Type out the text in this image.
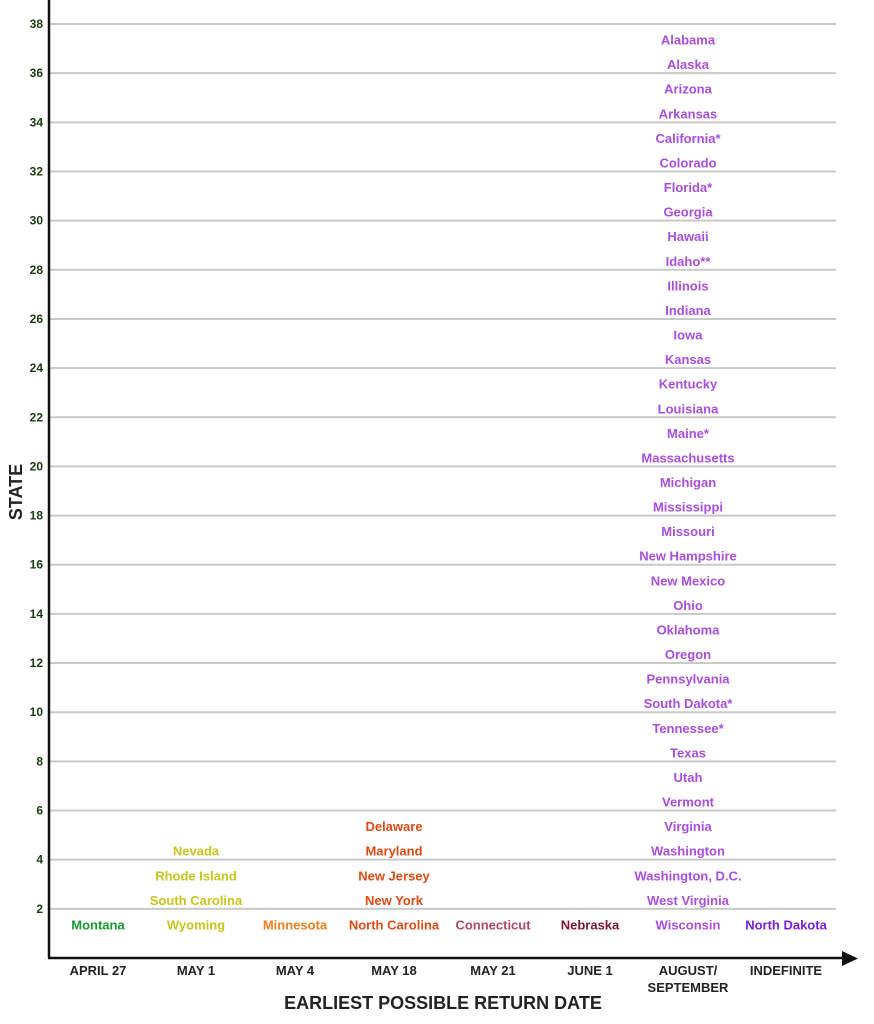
2
4
6
8
10
12
14
16
18
20
22
24
26
28
30
32
34
36
38
Montana	Wyoming
South Carolina
Rhode Island
Nevada
Minnesota North Carolina
New York
New Jersey
Maryland
Delaware
Connecticut Nebraska	Wisconsin
West Virginia
Washington, D.C.
Washington
Virginia
Vermont
Utah
Texas
Tennessee*
South Dakota*
Pennsylvania
Oregon
Oklahoma
Ohio
New Mexico
New Hampshire
Missouri
Mississippi
Michigan
Massachusetts
Maine*
Louisiana
Kentucky
Kansas
Iowa
Indiana
Illinois
Idaho**
Hawaii
Georgia
Florida*
Colorado
California*
Arkansas
Arizona
Alaska
Alabama
North Dakota
APRIL 27	MAY 1	MAY 4	MAY 18	MAY 21	JUNE 1	AUGUST/
SEPTEMBER
INDEFINITE
STATE
EARLIEST POSSIBLE RETURN DATE
